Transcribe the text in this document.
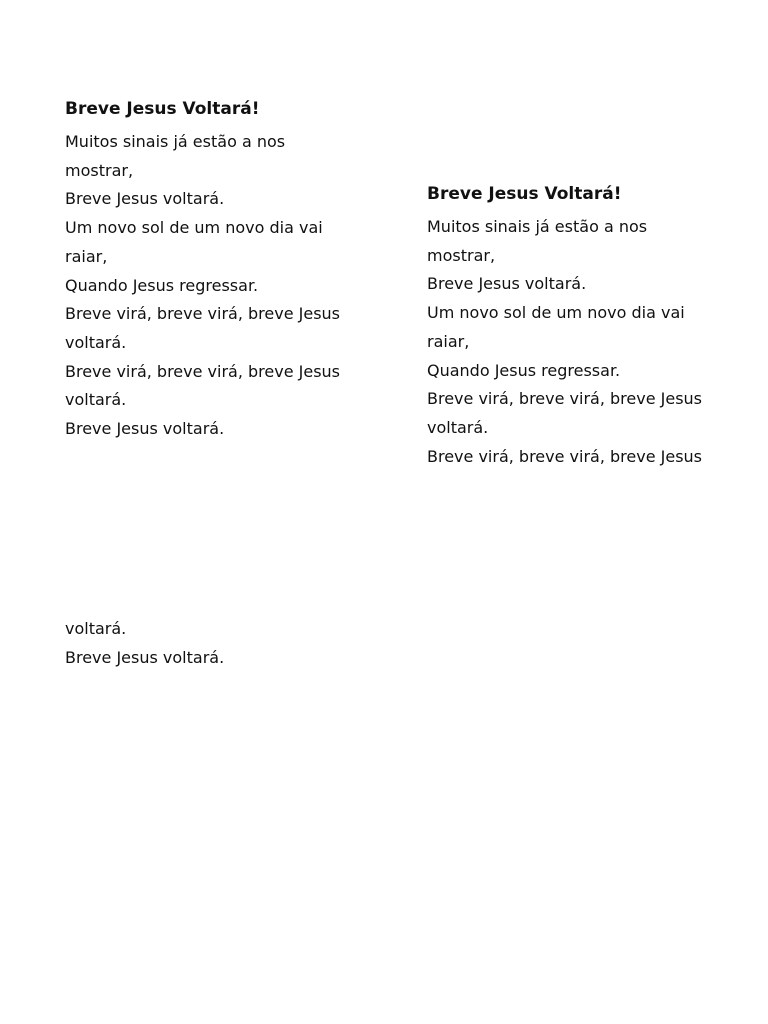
Breve Jesus Voltará!
Muitos sinais já estão a nos
mostrar,
Breve Jesus voltará.
Um novo sol de um novo dia vai
raiar,
Quando Jesus regressar.
Breve virá, breve virá, breve Jesus
voltará.
Breve virá, breve virá, breve Jesus
voltará.
Breve Jesus voltará.
Breve Jesus Voltará!
Muitos sinais já estão a nos
mostrar,
Breve Jesus voltará.
Um novo sol de um novo dia vai
raiar,
Quando Jesus regressar.
Breve virá, breve virá, breve Jesus
voltará.
Breve virá, breve virá, breve Jesus
voltará.
Breve Jesus voltará.
